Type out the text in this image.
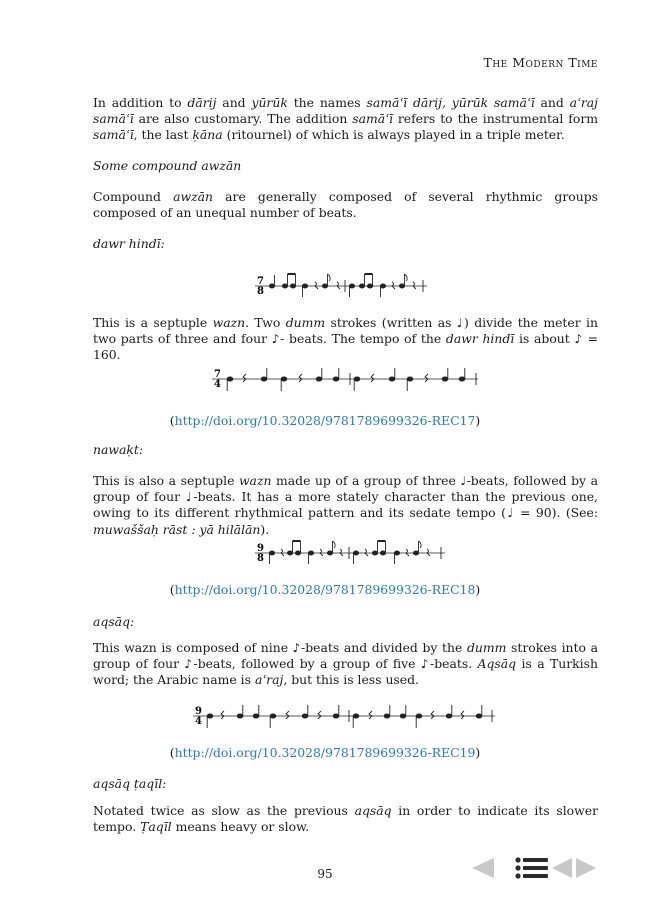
The Modern Time
In addition to dārij and yūrūk the names samāʿī dārij, yūrūk samāʿī and aʿraj samāʿī are also customary. The addition samāʿī refers to the instrumental form samāʿī, the last ḳāna (ritournel) of which is always played in a triple meter.
Some compound awzān
Compound awzān are generally composed of several rhythmic groups composed of an unequal number of beats.
dawr hindī:
7
8
This is a septuple wazn. Two dumm strokes (written as ♩) divide the meter in two parts of three and four ♪- beats. The tempo of the dawr hindī is about ♪ = 160.
7
4
(http://doi.org/10.32028/9781789699326-REC17)
nawaḳt:
This is also a septuple wazn made up of a group of three ♩-beats, followed by a group of four ♩-beats. It has a more stately character than the previous one, owing to its different rhythmical pattern and its sedate tempo (♩ = 90). (See: muwaššaḥ rāst : yā hilālān).
9
8
(http://doi.org/10.32028/9781789699326-REC18)
aqsāq:
This wazn is composed of nine ♪-beats and divided by the dumm strokes into a group of four ♪-beats, followed by a group of five ♪-beats. Aqsāq is a Turkish word; the Arabic name is aʿraj, but this is less used.
9
4
(http://doi.org/10.32028/9781789699326-REC19)
aqsāq ṭaqīl:
Notated twice as slow as the previous aqsāq in order to indicate its slower tempo. Ṭaqīl means heavy or slow.
95
